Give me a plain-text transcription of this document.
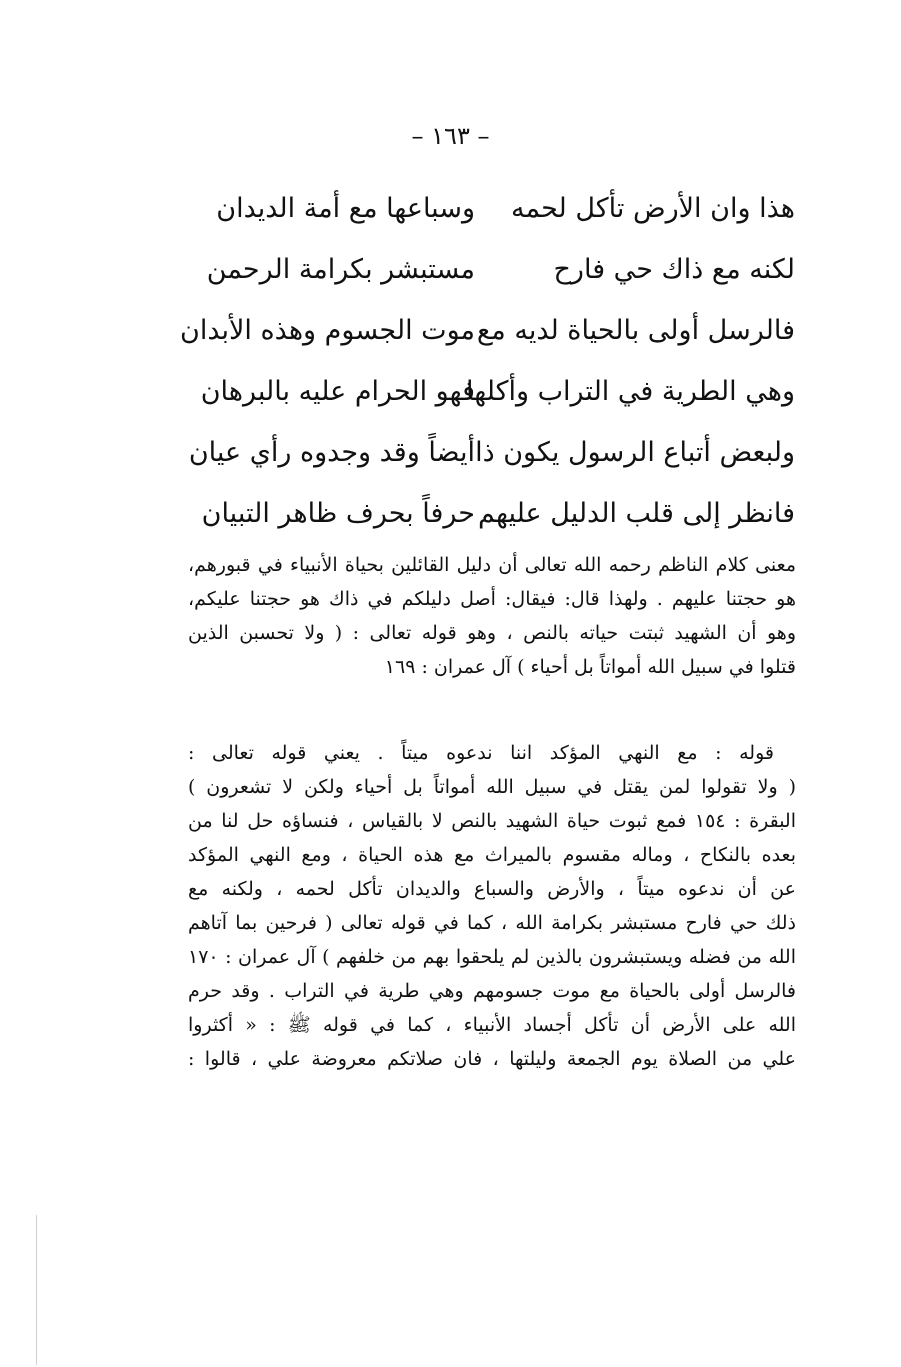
– ١٦٣ –
هذا وان الأرض تأكل لحمه
وسباعها مع أمة الديدان
لكنه مع ذاك حي فارح
مستبشر بكرامة الرحمن
فالرسل أولى بالحياة لديه مع
موت الجسوم وهذه الأبدان
وهي الطرية في التراب وأكلها
فهو الحرام عليه بالبرهان
ولبعض أتباع الرسول يكون ذا
أيضاً وقد وجدوه رأي عيان
فانظر إلى قلب الدليل عليهم
حرفاً بحرف ظاهر التبيان
معنى كلام الناظم رحمه الله تعالى أن دليل القائلين بحياة الأنبياء في قبورهم،
هو حجتنا عليهم . ولهذا قال: فيقال: أصل دليلكم في ذاك هو حجتنا عليكم،
وهو أن الشهيد ثبتت حياته بالنص ، وهو قوله تعالى : ( ولا تحسبن الذين
قتلوا في سبيل الله أمواتاً بل أحياء ) آل عمران : ١٦٩
قوله : مع النهي المؤكد اننا ندعوه ميتاً . يعني قوله تعالى :
( ولا تقولوا لمن يقتل في سبيل الله أمواتاً بل أحياء ولكن لا تشعرون )
البقرة : ١٥٤ فمع ثبوت حياة الشهيد بالنص لا بالقياس ، فنساؤه حل لنا من
بعده بالنكاح ، وماله مقسوم بالميراث مع هذه الحياة ، ومع النهي المؤكد
عن أن ندعوه ميتاً ، والأرض والسباع والديدان تأكل لحمه ، ولكنه مع
ذلك حي فارح مستبشر بكرامة الله ، كما في قوله تعالى ( فرحين بما آتاهم
الله من فضله ويستبشرون بالذين لم يلحقوا بهم من خلفهم ) آل عمران : ١٧٠
فالرسل أولى بالحياة مع موت جسومهم وهي طرية في التراب . وقد حرم
الله على الأرض أن تأكل أجساد الأنبياء ، كما في قوله ﷺ : « أكثروا
علي من الصلاة يوم الجمعة وليلتها ، فان صلاتكم معروضة علي ، قالوا :
